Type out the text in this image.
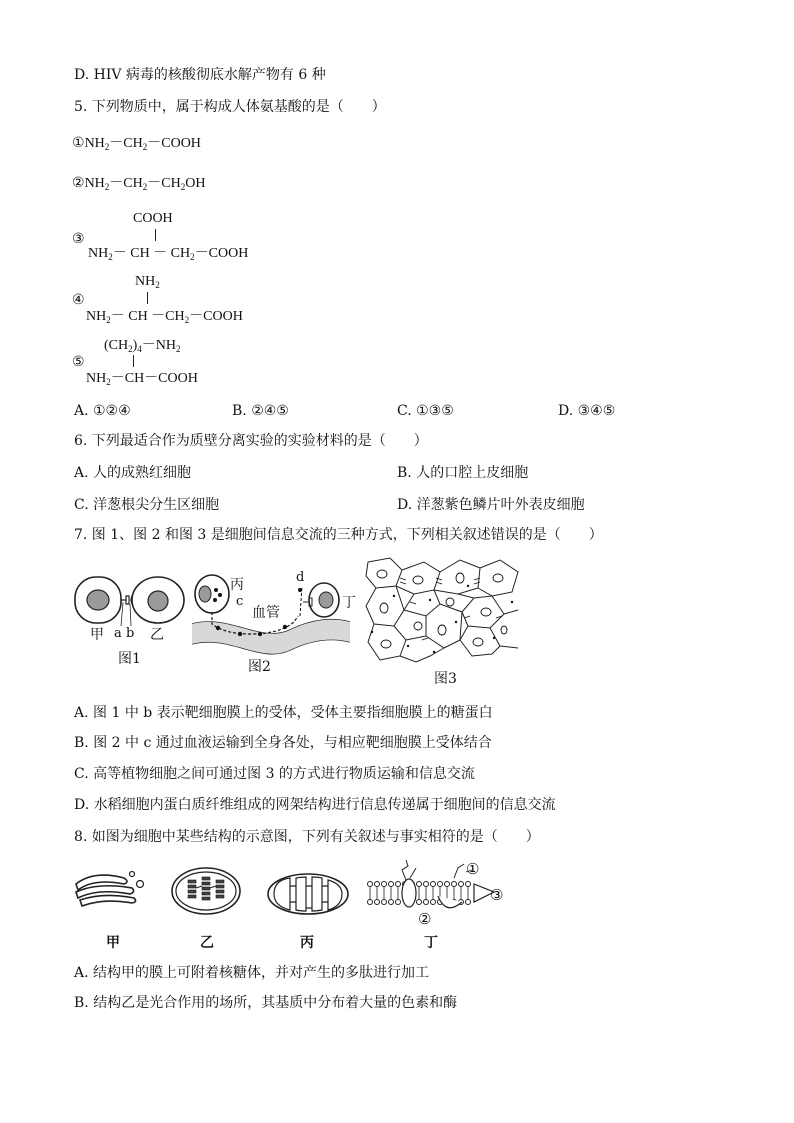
D. HIV 病毒的核酸彻底水解产物有 6 种
5. 下列物质中，属于构成人体氨基酸的是（　　）
$①NH_2-CH_2-COOH$
$②NH_2-CH_2-CH_2OH$
COOH
③
$NH_2-$ CH － $CH_2-COOH$
$NH_2$
④
$NH_2-$ CH $-CH_2-COOH$
$(CH_2)_4-NH_2$
⑤
$NH_2-CH-COOH$
A. ①②④	B. ②④⑤	C. ①③⑤	D. ③④⑤
6. 下列最适合作为质壁分离实验的实验材料的是（　　）
A. 人的成熟红细胞	B. 人的口腔上皮细胞
C. 洋葱根尖分生区细胞	D. 洋葱紫色鳞片叶外表皮细胞
7. 图 1、图 2 和图 3 是细胞间信息交流的三种方式，下列相关叙述错误的是（　　）
甲 a b 乙
图1
丙
c
血管
d
丁
图2
图3
A. 图 1 中 b 表示靶细胞膜上的受体，受体主要指细胞膜上的糖蛋白
B. 图 2 中 c 通过血液运输到全身各处，与相应靶细胞膜上受体结合
C. 高等植物细胞之间可通过图 3 的方式进行物质运输和信息交流
D. 水稻细胞内蛋白质纤维组成的网架结构进行信息传递属于细胞间的信息交流
8. 如图为细胞中某些结构的示意图，下列有关叙述与事实相符的是（　　）
①
②
③
甲	乙	丙	丁
A. 结构甲的膜上可附着核糖体，并对产生的多肽进行加工
B. 结构乙是光合作用的场所，其基质中分布着大量的色素和酶
